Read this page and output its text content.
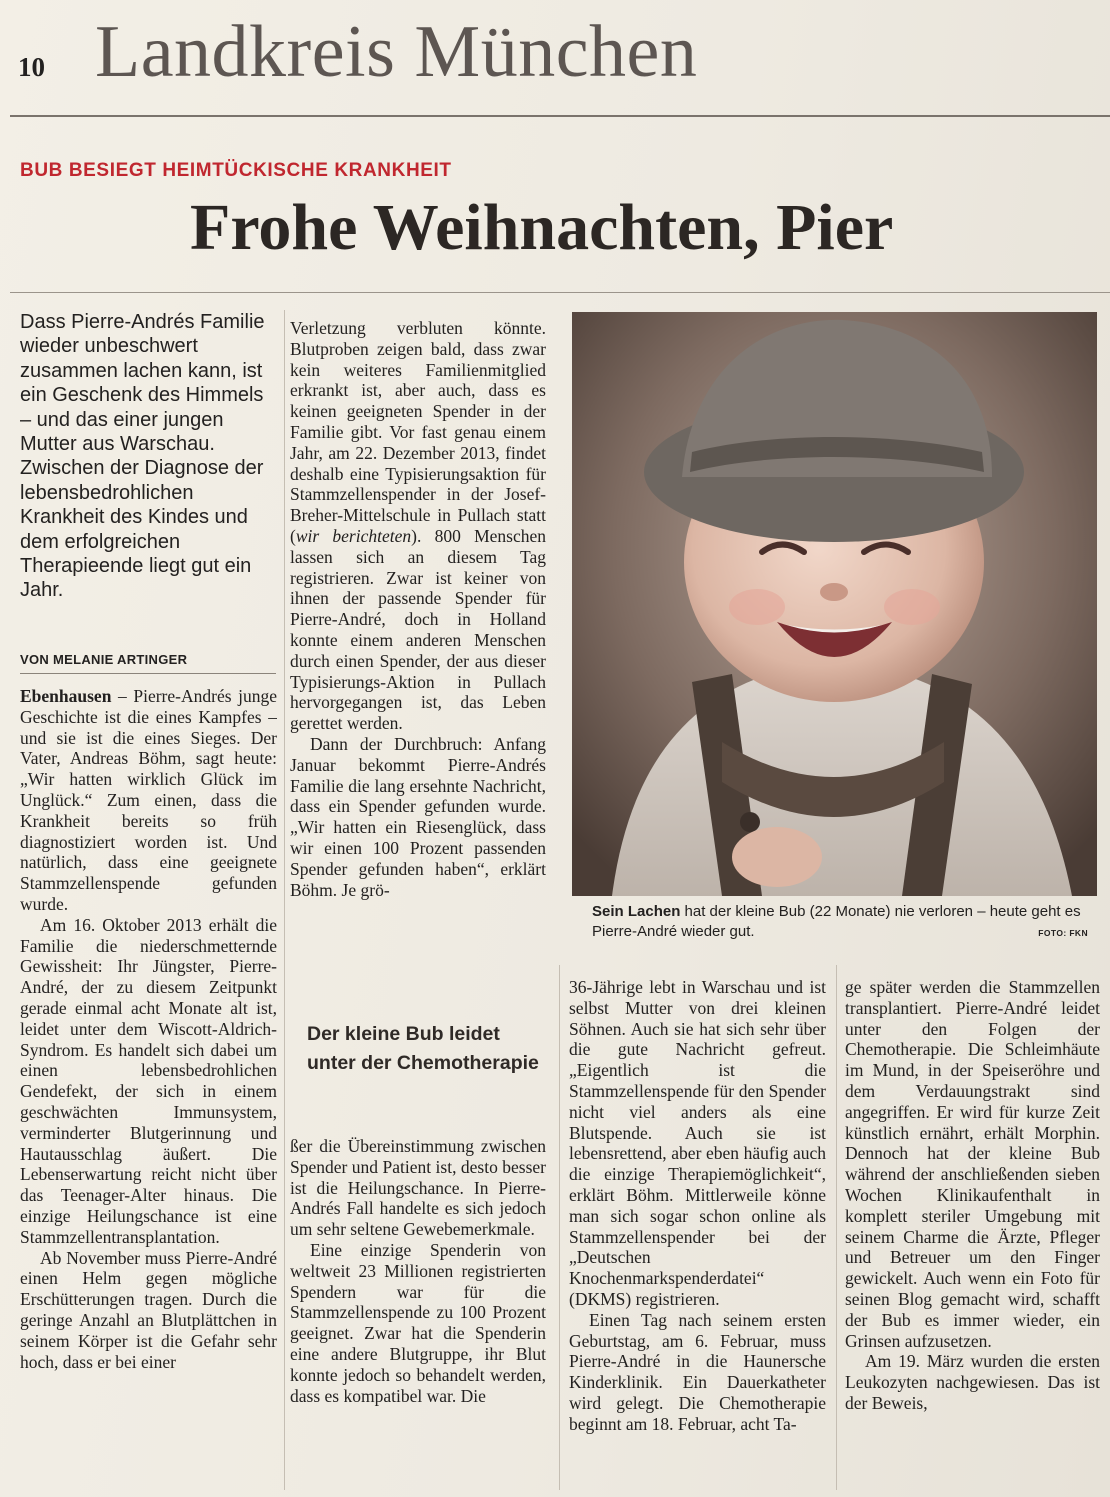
10 Landkreis München
BUB BESIEGT HEIMTÜCKISCHE KRANKHEIT
Frohe Weihnachten, Pier
Dass Pierre-Andrés Familie wieder unbeschwert zusammen lachen kann, ist ein Geschenk des Himmels – und das einer jungen Mutter aus Warschau. Zwischen der Diagnose der lebensbedrohlichen Krankheit des Kindes und dem erfolgreichen Therapieende liegt gut ein Jahr.
VON MELANIE ARTINGER

Ebenhausen – Pierre-Andrés junge Geschichte ist die eines Kampfes – und sie ist die eines Sieges. Der Vater, Andreas Böhm, sagt heute: „Wir hatten wirklich Glück im Unglück.“ Zum einen, dass die Krankheit bereits so früh diagnostiziert worden ist. Und natürlich, dass eine geeignete Stammzellenspende gefunden wurde.

Am 16. Oktober 2013 erhält die Familie die niederschmetternde Gewissheit: Ihr Jüngster, Pierre-André, der zu diesem Zeitpunkt gerade einmal acht Monate alt ist, leidet unter dem Wiscott-Aldrich-Syndrom. Es handelt sich dabei um einen lebensbedrohlichen Gendefekt, der sich in einem geschwächten Immunsystem, verminderter Blutgerinnung und Hautausschlag äußert. Die Lebenserwartung reicht nicht über das Teenager-Alter hinaus. Die einzige Heilungschance ist eine Stammzellentransplantation.

Ab November muss Pierre-André einen Helm gegen mögliche Erschütterungen tragen. Durch die geringe Anzahl an Blutplättchen in seinem Körper ist die Gefahr sehr hoch, dass er bei einer

Verletzung verbluten könnte. Blutproben zeigen bald, dass zwar kein weiteres Familienmitglied erkrankt ist, aber auch, dass es keinen geeigneten Spender in der Familie gibt. Vor fast genau einem Jahr, am 22. Dezember 2013, findet deshalb eine Typisierungsaktion für Stammzellenspender in der Josef-Breher-Mittelschule in Pullach statt (wir berichteten). 800 Menschen lassen sich an diesem Tag registrieren. Zwar ist keiner von ihnen der passende Spender für Pierre-André, doch in Holland konnte einem anderen Menschen durch einen Spender, der aus dieser Typisierungs-Aktion in Pullach hervorgegangen ist, das Leben gerettet werden.

Dann der Durchbruch: Anfang Januar bekommt Pierre-Andrés Familie die lang ersehnte Nachricht, dass ein Spender gefunden wurde. „Wir hatten ein Riesenglück, dass wir einen 100 Prozent passenden Spender gefunden haben“, erklärt Böhm. Je grö-

Der kleine Bub leidet unter der Chemotherapie

ßer die Übereinstimmung zwischen Spender und Patient ist, desto besser ist die Heilungschance. In Pierre-Andrés Fall handelte es sich jedoch um sehr seltene Gewebemerkmale.

Eine einzige Spenderin von weltweit 23 Millionen registrierten Spendern war für die Stammzellenspende zu 100 Prozent geeignet. Zwar hat die Spenderin eine andere Blutgruppe, ihr Blut konnte jedoch so behandelt werden, dass es kompatibel war. Die

Sein Lachen hat der kleine Bub (22 Monate) nie verloren – heute geht es Pierre-André wieder gut.	FOTO: FKN

36-Jährige lebt in Warschau und ist selbst Mutter von drei kleinen Söhnen. Auch sie hat sich sehr über die gute Nachricht gefreut. „Eigentlich ist die Stammzellenspende für den Spender nicht viel anders als eine Blutspende. Auch sie ist lebensrettend, aber eben häufig auch die einzige Therapiemöglichkeit“, erklärt Böhm. Mittlerweile könne man sich sogar schon online als Stammzellenspender bei der „Deutschen Knochenmarkspenderdatei“ (DKMS) registrieren.

Einen Tag nach seinem ersten Geburtstag, am 6. Februar, muss Pierre-André in die Haunersche Kinderklinik. Ein Dauerkatheter wird gelegt. Die Chemotherapie beginnt am 18. Februar, acht Ta-

ge später werden die Stammzellen transplantiert. Pierre-André leidet unter den Folgen der Chemotherapie. Die Schleimhäute im Mund, in der Speiseröhre und dem Verdauungstrakt sind angegriffen. Er wird für kurze Zeit künstlich ernährt, erhält Morphin. Dennoch hat der kleine Bub während der anschließenden sieben Wochen Klinikaufenthalt in komplett steriler Umgebung mit seinem Charme die Ärzte, Pfleger und Betreuer um den Finger gewickelt. Auch wenn ein Foto für seinen Blog gemacht wird, schafft der Bub es immer wieder, ein Grinsen aufzusetzen.

Am 19. März wurden die ersten Leukozyten nachgewiesen. Das ist der Beweis,
